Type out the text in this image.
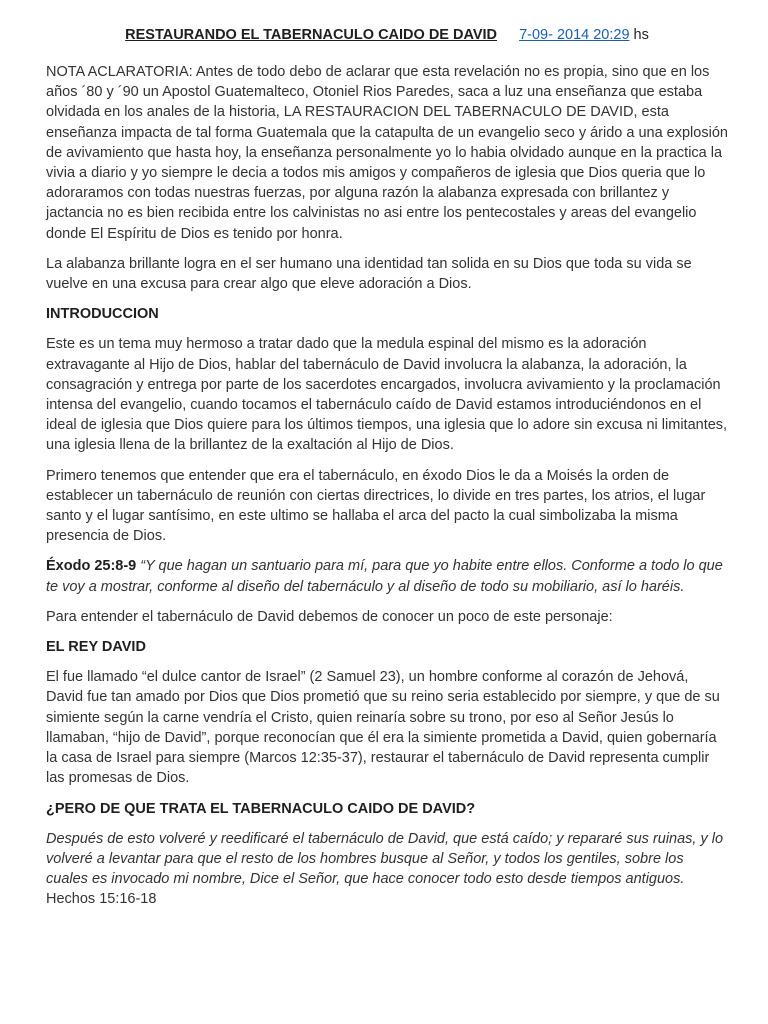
RESTAURANDO EL TABERNACULO CAIDO DE DAVID 7-09- 2014 20:29 hs

NOTA ACLARATORIA: Antes de todo debo de aclarar que esta revelación no es propia, sino que en los años ´80 y ´90 un Apostol Guatemalteco, Otoniel Rios Paredes, saca a luz una enseñanza que estaba olvidada en los anales de la historia, LA RESTAURACION DEL TABERNACULO DE DAVID, esta enseñanza impacta de tal forma Guatemala que la catapulta de un evangelio seco y árido a una explosión de avivamiento que hasta hoy, la enseñanza personalmente yo lo habia olvidado aunque en la practica la vivia a diario y yo siempre le decia a todos mis amigos y compañeros de iglesia que Dios queria que lo adoraramos con todas nuestras fuerzas, por alguna razón la alabanza expresada con brillantez y jactancia no es bien recibida entre los calvinistas no asi entre los pentecostales y areas del evangelio donde El Espíritu de Dios es tenido por honra.

La alabanza brillante logra en el ser humano una identidad tan solida en su Dios que toda su vida se vuelve en una excusa para crear algo que eleve adoración a Dios.

INTRODUCCION

Este es un tema muy hermoso a tratar dado que la medula espinal del mismo es la adoración extravagante al Hijo de Dios, hablar del tabernáculo de David involucra la alabanza, la adoración, la consagración y entrega por parte de los sacerdotes encargados, involucra avivamiento y la proclamación intensa del evangelio, cuando tocamos el tabernáculo caído de David estamos introduciéndonos en el ideal de iglesia que Dios quiere para los últimos tiempos, una iglesia que lo adore sin excusa ni limitantes, una iglesia llena de la brillantez de la exaltación al Hijo de Dios.

Primero tenemos que entender que era el tabernáculo, en éxodo Dios le da a Moisés la orden de establecer un tabernáculo de reunión con ciertas directrices, lo divide en tres partes, los atrios, el lugar santo y el lugar santísimo, en este ultimo se hallaba el arca del pacto la cual simbolizaba la misma presencia de Dios.

Éxodo 25:8-9 “Y que hagan un santuario para mí, para que yo habite entre ellos. Conforme a todo lo que te voy a mostrar, conforme al diseño del tabernáculo y al diseño de todo su mobiliario, así lo haréis.

Para entender el tabernáculo de David debemos de conocer un poco de este personaje:

EL REY DAVID

El fue llamado “el dulce cantor de Israel” (2 Samuel 23), un hombre conforme al corazón de Jehová, David fue tan amado por Dios que Dios prometió que su reino seria establecido por siempre, y que de su simiente según la carne vendría el Cristo, quien reinaría sobre su trono, por eso al Señor Jesús lo llamaban, “hijo de David”, porque reconocían que él era la simiente prometida a David, quien gobernaría la casa de Israel para siempre (Marcos 12:35-37), restaurar el tabernáculo de David representa cumplir las promesas de Dios.

¿PERO DE QUE TRATA EL TABERNACULO CAIDO DE DAVID?

Después de esto volveré y reedificaré el tabernáculo de David, que está caído; y repararé sus ruinas, y lo volveré a levantar para que el resto de los hombres busque al Señor, y todos los gentiles, sobre los cuales es invocado mi nombre, Dice el Señor, que hace conocer todo esto desde tiempos antiguos. Hechos 15:16-18
